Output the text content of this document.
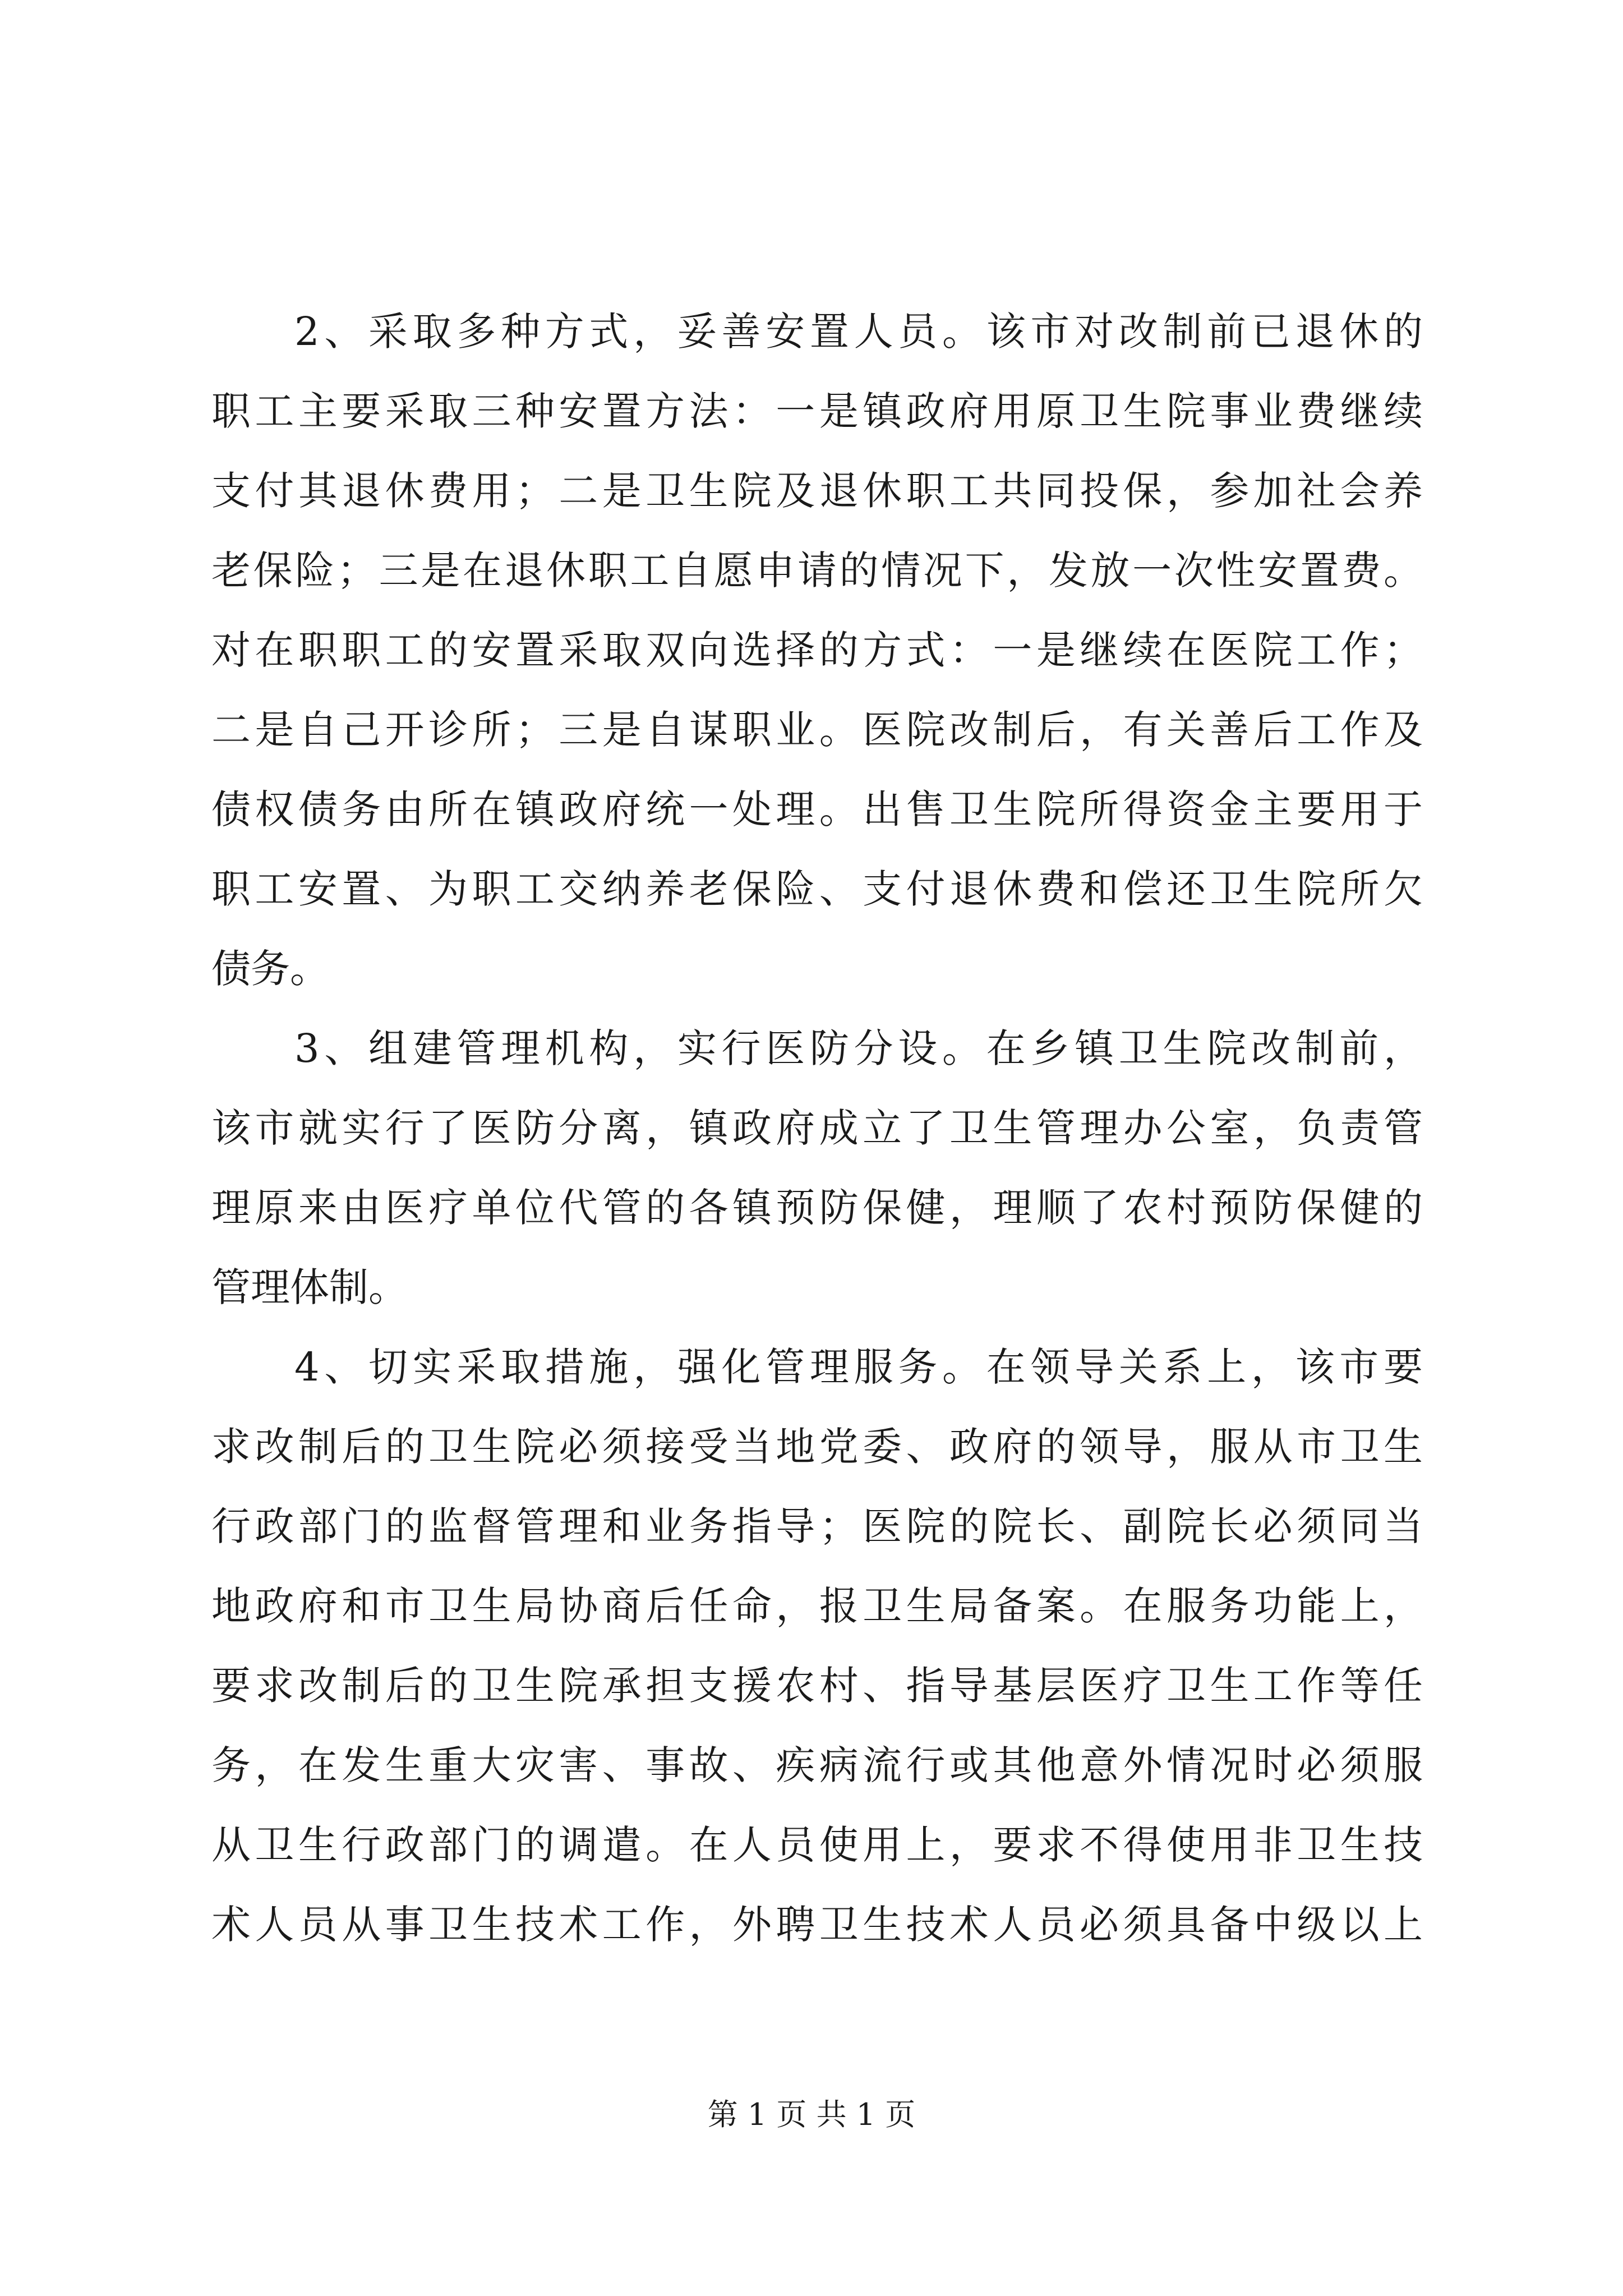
2、采取多种方式，妥善安置人员。该市对改制前已退休的
职工主要采取三种安置方法：一是镇政府用原卫生院事业费继续
支付其退休费用；二是卫生院及退休职工共同投保，参加社会养
老保险；三是在退休职工自愿申请的情况下，发放一次性安置费。
对在职职工的安置采取双向选择的方式：一是继续在医院工作；
二是自己开诊所；三是自谋职业。医院改制后，有关善后工作及
债权债务由所在镇政府统一处理。出售卫生院所得资金主要用于
职工安置、为职工交纳养老保险、支付退休费和偿还卫生院所欠
债务。
3、组建管理机构，实行医防分设。在乡镇卫生院改制前，
该市就实行了医防分离，镇政府成立了卫生管理办公室，负责管
理原来由医疗单位代管的各镇预防保健，理顺了农村预防保健的
管理体制。
4、切实采取措施，强化管理服务。在领导关系上，该市要
求改制后的卫生院必须接受当地党委、政府的领导，服从市卫生
行政部门的监督管理和业务指导；医院的院长、副院长必须同当
地政府和市卫生局协商后任命，报卫生局备案。在服务功能上，
要求改制后的卫生院承担支援农村、指导基层医疗卫生工作等任
务，在发生重大灾害、事故、疾病流行或其他意外情况时必须服
从卫生行政部门的调遣。在人员使用上，要求不得使用非卫生技
术人员从事卫生技术工作，外聘卫生技术人员必须具备中级以上
第 1 页 共 1 页
